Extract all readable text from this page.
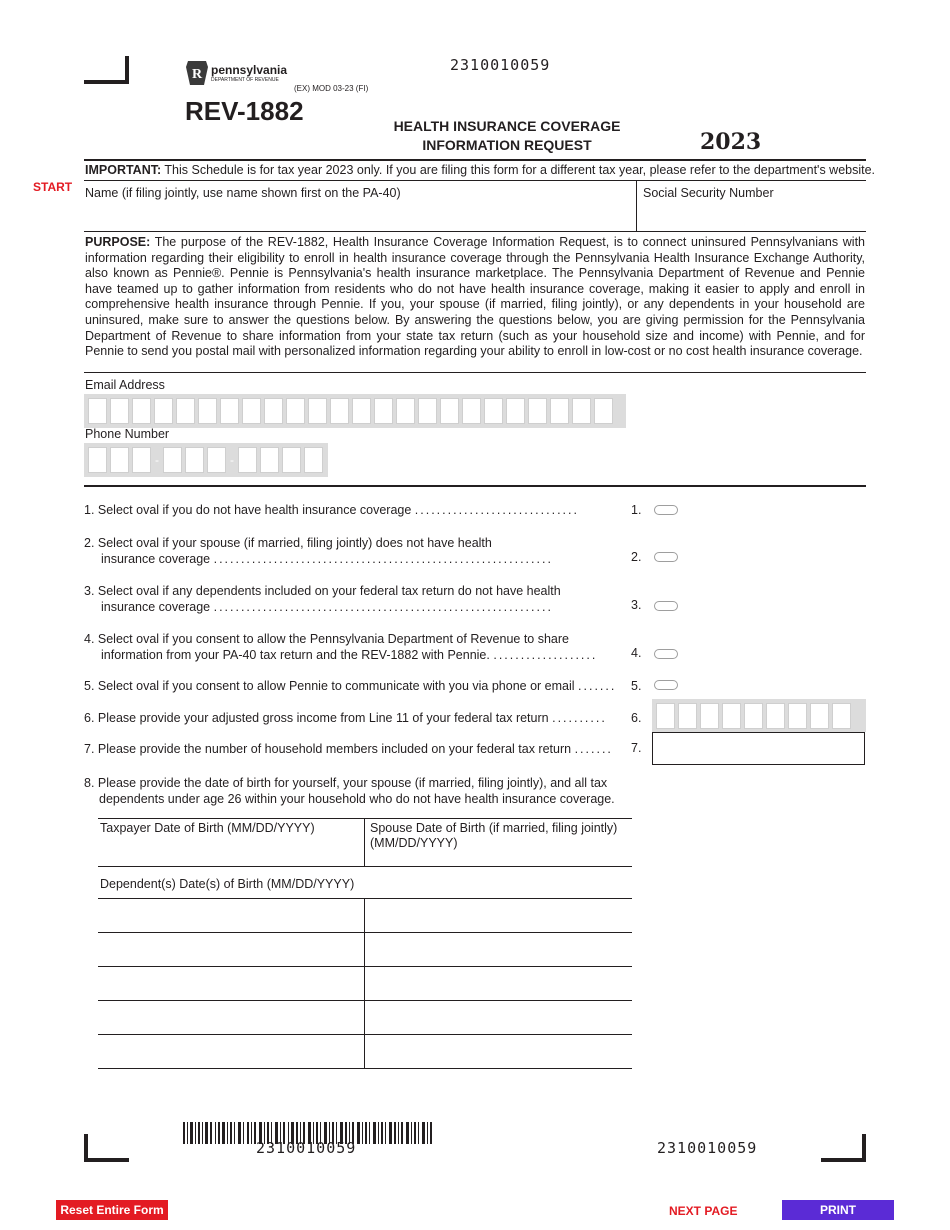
R pennsylvania
DEPARTMENT OF REVENUE
2310010059
(EX) MOD 03-23 (FI)
REV-1882	HEALTH INSURANCE COVERAGE
INFORMATION REQUEST	2023
IMPORTANT: This Schedule is for tax year 2023 only. If you are filing this form for a different tax year, please refer to the department's website.
START Name (if filing jointly, use name shown first on the PA-40)	Social Security Number
PURPOSE: The purpose of the REV-1882, Health Insurance Coverage Information Request, is to connect uninsured Pennsylvanians with information regarding their eligibility to enroll in health insurance coverage through the Pennsylvania Health Insurance Exchange Authority, also known as Pennie®. Pennie is Pennsylvania's health insurance marketplace. The Pennsylvania Department of Revenue and Pennie have teamed up to gather information from residents who do not have health insurance coverage, making it easier to apply and enroll in comprehensive health insurance through Pennie. If you, your spouse (if married, filing jointly), or any dependents in your household are uninsured, make sure to answer the questions below. By answering the questions below, you are giving permission for the Pennsylvania Department of Revenue to share information from your state tax return (such as your household size and income) with Pennie, and for Pennie to send you postal mail with personalized information regarding your ability to enroll in low-cost or no cost health insurance coverage.
Email Address
Phone Number
-	-
1. Select oval if you do not have health insurance coverage ..............................	1.
2. Select oval if your spouse (if married, filing jointly) does not have health
insurance coverage ..............................................................	2.
3. Select oval if any dependents included on your federal tax return do not have health
insurance coverage ..............................................................	3.
4. Select oval if you consent to allow the Pennsylvania Department of Revenue to share
information from your PA-40 tax return and the REV-1882 with Pennie. ...................	4.
5. Select oval if you consent to allow Pennie to communicate with you via phone or email ....... 5.
6. Please provide your adjusted gross income from Line 11 of your federal tax return .......... 6.
7. Please provide the number of household members included on your federal tax return ....... 7.
8. Please provide the date of birth for yourself, your spouse (if married, filing jointly), and all tax
dependents under age 26 within your household who do not have health insurance coverage.
Taxpayer Date of Birth (MM/DD/YYYY)	Spouse Date of Birth (if married, filing jointly)
(MM/DD/YYYY)
Dependent(s) Date(s) of Birth (MM/DD/YYYY)
2310010059	2310010059
Reset Entire Form	NEXT PAGE	PRINT
